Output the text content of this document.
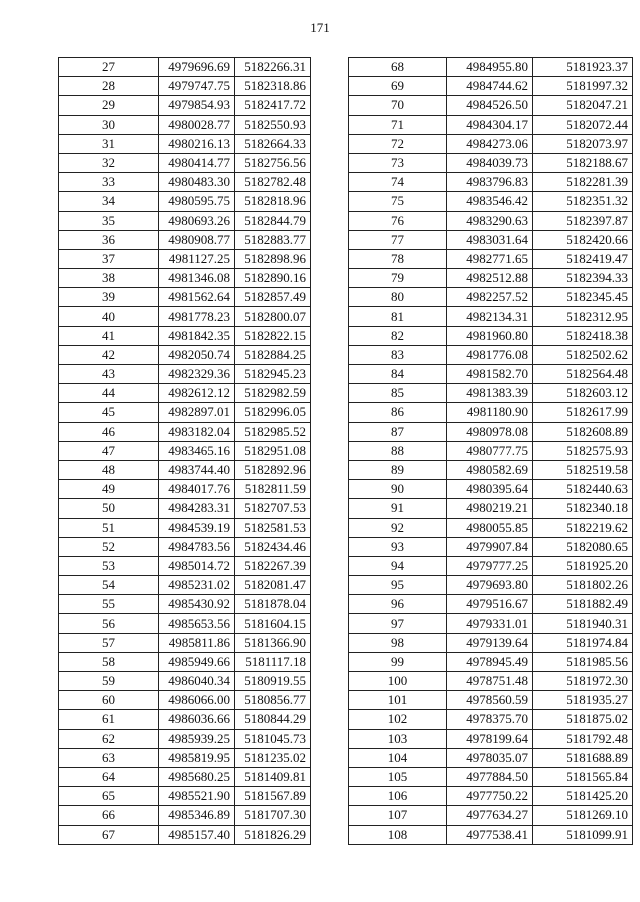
171
27	4979696.69	5182266.31
28	4979747.75	5182318.86
29	4979854.93	5182417.72
30	4980028.77	5182550.93
31	4980216.13	5182664.33
32	4980414.77	5182756.56
33	4980483.30	5182782.48
34	4980595.75	5182818.96
35	4980693.26	5182844.79
36	4980908.77	5182883.77
37	4981127.25	5182898.96
38	4981346.08	5182890.16
39	4981562.64	5182857.49
40	4981778.23	5182800.07
41	4981842.35	5182822.15
42	4982050.74	5182884.25
43	4982329.36	5182945.23
44	4982612.12	5182982.59
45	4982897.01	5182996.05
46	4983182.04	5182985.52
47	4983465.16	5182951.08
48	4983744.40	5182892.96
49	4984017.76	5182811.59
50	4984283.31	5182707.53
51	4984539.19	5182581.53
52	4984783.56	5182434.46
53	4985014.72	5182267.39
54	4985231.02	5182081.47
55	4985430.92	5181878.04
56	4985653.56	5181604.15
57	4985811.86	5181366.90
58	4985949.66	5181117.18
59	4986040.34	5180919.55
60	4986066.00	5180856.77
61	4986036.66	5180844.29
62	4985939.25	5181045.73
63	4985819.95	5181235.02
64	4985680.25	5181409.81
65	4985521.90	5181567.89
66	4985346.89	5181707.30
67	4985157.40	5181826.29
68	4984955.80	5181923.37
69	4984744.62	5181997.32
70	4984526.50	5182047.21
71	4984304.17	5182072.44
72	4984273.06	5182073.97
73	4984039.73	5182188.67
74	4983796.83	5182281.39
75	4983546.42	5182351.32
76	4983290.63	5182397.87
77	4983031.64	5182420.66
78	4982771.65	5182419.47
79	4982512.88	5182394.33
80	4982257.52	5182345.45
81	4982134.31	5182312.95
82	4981960.80	5182418.38
83	4981776.08	5182502.62
84	4981582.70	5182564.48
85	4981383.39	5182603.12
86	4981180.90	5182617.99
87	4980978.08	5182608.89
88	4980777.75	5182575.93
89	4980582.69	5182519.58
90	4980395.64	5182440.63
91	4980219.21	5182340.18
92	4980055.85	5182219.62
93	4979907.84	5182080.65
94	4979777.25	5181925.20
95	4979693.80	5181802.26
96	4979516.67	5181882.49
97	4979331.01	5181940.31
98	4979139.64	5181974.84
99	4978945.49	5181985.56
100	4978751.48	5181972.30
101	4978560.59	5181935.27
102	4978375.70	5181875.02
103	4978199.64	5181792.48
104	4978035.07	5181688.89
105	4977884.50	5181565.84
106	4977750.22	5181425.20
107	4977634.27	5181269.10
108	4977538.41	5181099.91
